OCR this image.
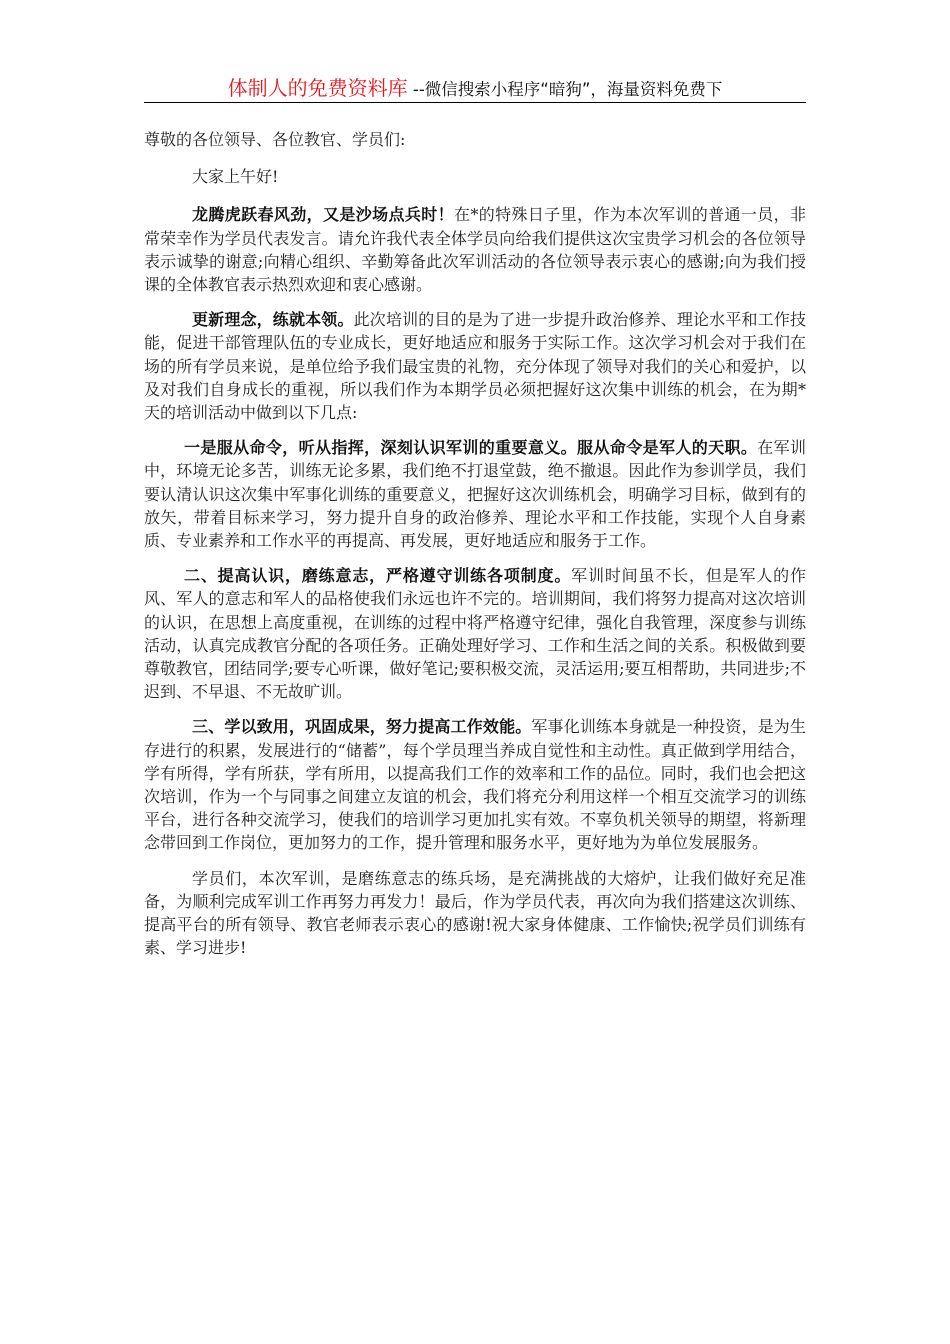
体制人的免费资料库 --微信搜索小程序“暗狗”，海量资料免费下

尊敬的各位领导、各位教官、学员们:

大家上午好!

龙腾虎跃春风劲，又是沙场点兵时！在*的特殊日子里，作为本次军训的普通一员，非常荣幸作为学员代表发言。请允许我代表全体学员向给我们提供这次宝贵学习机会的各位领导表示诚挚的谢意;向精心组织、辛勤筹备此次军训活动的各位领导表示衷心的感谢;向为我们授课的全体教官表示热烈欢迎和衷心感谢。

更新理念，练就本领。此次培训的目的是为了进一步提升政治修养、理论水平和工作技能，促进干部管理队伍的专业成长，更好地适应和服务于实际工作。这次学习机会对于我们在场的所有学员来说，是单位给予我们最宝贵的礼物，充分体现了领导对我们的关心和爱护，以及对我们自身成长的重视，所以我们作为本期学员必须把握好这次集中训练的机会，在为期*天的培训活动中做到以下几点:

一是服从命令，听从指挥，深刻认识军训的重要意义。服从命令是军人的天职。在军训中，环境无论多苦，训练无论多累，我们绝不打退堂鼓，绝不撤退。因此作为参训学员，我们要认清认识这次集中军事化训练的重要意义，把握好这次训练机会，明确学习目标，做到有的放矢，带着目标来学习，努力提升自身的政治修养、理论水平和工作技能，实现个人自身素质、专业素养和工作水平的再提高、再发展，更好地适应和服务于工作。

二、提高认识，磨练意志，严格遵守训练各项制度。军训时间虽不长，但是军人的作风、军人的意志和军人的品格使我们永远也许不完的。培训期间，我们将努力提高对这次培训的认识，在思想上高度重视，在训练的过程中将严格遵守纪律，强化自我管理，深度参与训练活动，认真完成教官分配的各项任务。正确处理好学习、工作和生活之间的关系。积极做到要尊敬教官，团结同学;要专心听课，做好笔记;要积极交流，灵活运用;要互相帮助，共同进步;不迟到、不早退、不无故旷训。

三、学以致用，巩固成果，努力提高工作效能。军事化训练本身就是一种投资，是为生存进行的积累，发展进行的“储蓄”，每个学员理当养成自觉性和主动性。真正做到学用结合，学有所得，学有所获，学有所用，以提高我们工作的效率和工作的品位。同时，我们也会把这次培训，作为一个与同事之间建立友谊的机会，我们将充分利用这样一个相互交流学习的训练平台，进行各种交流学习，使我们的培训学习更加扎实有效。不辜负机关领导的期望，将新理念带回到工作岗位，更加努力的工作，提升管理和服务水平，更好地为为单位发展服务。

学员们，本次军训，是磨练意志的练兵场，是充满挑战的大熔炉，让我们做好充足准备，为顺利完成军训工作再努力再发力！最后，作为学员代表，再次向为我们搭建这次训练、提高平台的所有领导、教官老师表示衷心的感谢!祝大家身体健康、工作愉快;祝学员们训练有素、学习进步!
